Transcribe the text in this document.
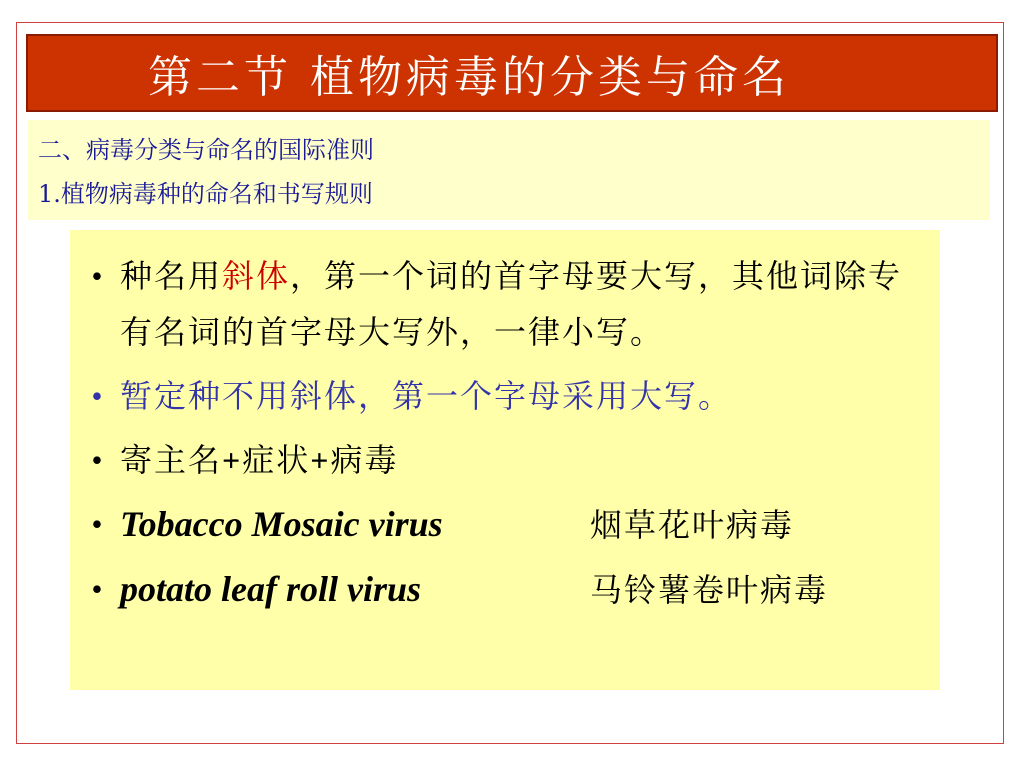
第二节 植物病毒的分类与命名
二、病毒分类与命名的国际准则
1.植物病毒种的命名和书写规则
• 种名用斜体，第一个词的首字母要大写，其他词除专有名词的首字母大写外，一律小写。
• 暂定种不用斜体，第一个字母采用大写。
• 寄主名+症状+病毒
• Tobacco Mosaic virus	烟草花叶病毒
• potato leaf roll virus	马铃薯卷叶病毒
